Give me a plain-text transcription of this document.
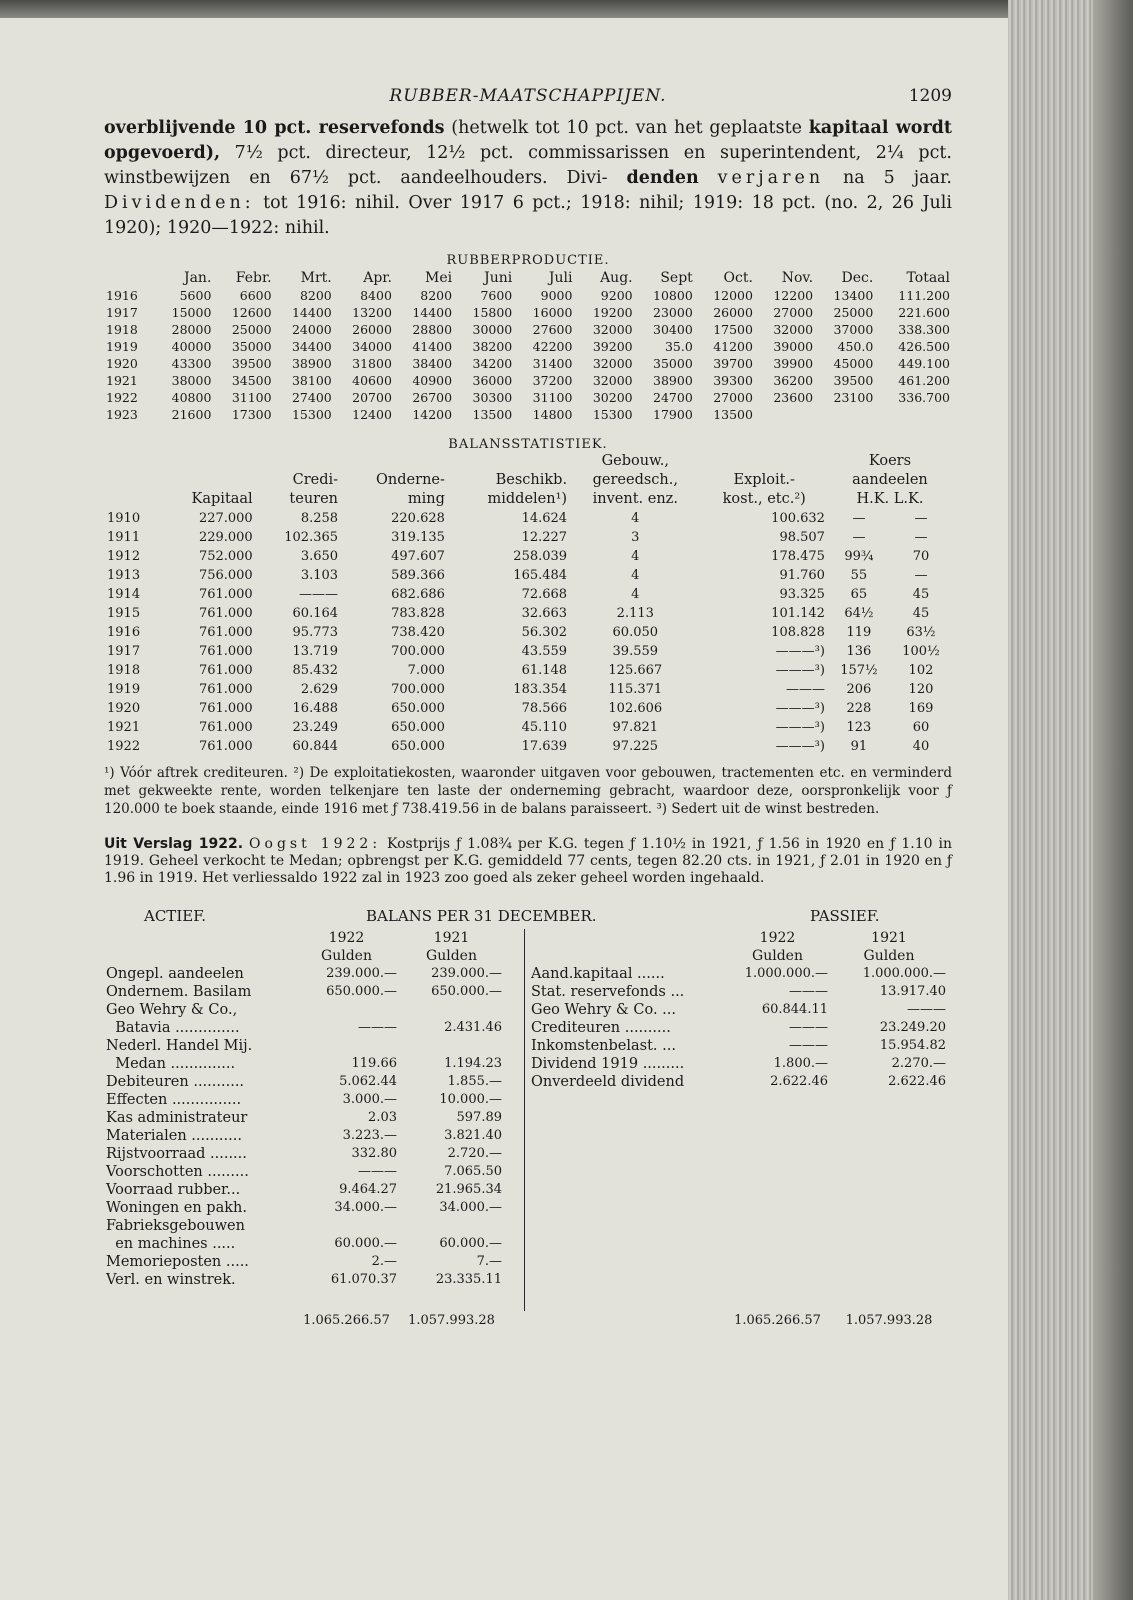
RUBBER-MAATSCHAPPIJEN.	1209
overblijvende 10 pct. reservefonds (hetwelk tot 10 pct. van het geplaatste kapitaal wordt opgevoerd), 7½ pct. directeur, 12½ pct. commissarissen en superintendent, 2¼ pct. winstbewijzen en 67½ pct. aandeelhouders. Divi- denden verjaren na 5 jaar. Dividenden: tot 1916: nihil. Over 1917 6 pct.; 1918: nihil; 1919: 18 pct. (no. 2, 26 Juli 1920); 1920—1922: nihil.
RUBBERPRODUCTIE.
	Jan.	Febr.	Mrt.	Apr.	Mei	Juni	Juli	Aug.	Sept	Oct.	Nov.	Dec.	Totaal
1916	5600	6600	8200	8400	8200	7600	9000	9200	10800	12000	12200	13400	111.200
1917	15000	12600	14400	13200	14400	15800	16000	19200	23000	26000	27000	25000	221.600
1918	28000	25000	24000	26000	28800	30000	27600	32000	30400	17500	32000	37000	338.300
1919	40000	35000	34400	34000	41400	38200	42200	39200	35.0	41200	39000	450.0	426.500
1920	43300	39500	38900	31800	38400	34200	31400	32000	35000	39700	39900	45000	449.100
1921	38000	34500	38100	40600	40900	36000	37200	32000	38900	39300	36200	39500	461.200
1922	40800	31100	27400	20700	26700	30300	31100	30200	24700	27000	23600	23100	336.700
1923	21600	17300	15300	12400	14200	13500	14800	15300	17900	13500			
BALANSSTATISTIEK.
					Gebouw.,		Koers	
		Credi-	Onderne-	Beschikb.	gereedsch.,	Exploit.-	aandeelen	
	Kapitaal	teuren	ming	middelen¹)	invent. enz.	kost., etc.²)	H.K. L.K.	
1910	227.000	8.258	220.628	14.624	4	100.632	—	—
1911	229.000	102.365	319.135	12.227	3	98.507	—	—
1912	752.000	3.650	497.607	258.039	4	178.475	99¾	70
1913	756.000	3.103	589.366	165.484	4	91.760	55	—
1914	761.000	———	682.686	72.668	4	93.325	65	45
1915	761.000	60.164	783.828	32.663	2.113	101.142	64½	45
1916	761.000	95.773	738.420	56.302	60.050	108.828	119	63½
1917	761.000	13.719	700.000	43.559	39.559	———³)	136	100½
1918	761.000	85.432	7.000	61.148	125.667	———³)	157½	102
1919	761.000	2.629	700.000	183.354	115.371	———	206	120
1920	761.000	16.488	650.000	78.566	102.606	———³)	228	169
1921	761.000	23.249	650.000	45.110	97.821	———³)	123	60
1922	761.000	60.844	650.000	17.639	97.225	———³)	91	40
¹) Vóór aftrek crediteuren. ²) De exploitatiekosten, waaronder uitgaven voor gebouwen, tractementen etc. en verminderd met gekweekte rente, worden telkenjare ten laste der onderneming gebracht, waardoor deze, oorspronkelijk voor ƒ 120.000 te boek staande, einde 1916 met ƒ 738.419.56 in de balans paraisseert. ³) Sedert uit de winst bestreden.
Uit Verslag 1922. Oogst 1922: Kostprijs ƒ 1.08¾ per K.G. tegen ƒ 1.10½ in 1921, ƒ 1.56 in 1920 en ƒ 1.10 in 1919. Geheel verkocht te Medan; opbrengst per K.G. gemiddeld 77 cents, tegen 82.20 cts. in 1921, ƒ 2.01 in 1920 en ƒ 1.96 in 1919. Het verliessaldo 1922 zal in 1923 zoo goed als zeker geheel worden ingehaald.
ACTIEF.	BALANS PER 31 DECEMBER.	PASSIEF.
	1922	1921
	Gulden	Gulden
Ongepl. aandeelen	239.000.—	239.000.—
Ondernem. Basilam	650.000.—	650.000.—
Geo Wehry & Co.,		
Batavia ..............	———	2.431.46
Nederl. Handel Mij.		
Medan ..............	119.66	1.194.23
Debiteuren ...........	5.062.44	1.855.—
Effecten ...............	3.000.—	10.000.—
Kas administrateur	2.03	597.89
Materialen ...........	3.223.—	3.821.40
Rijstvoorraad ........	332.80	2.720.—
Voorschotten .........	———	7.065.50
Voorraad rubber...	9.464.27	21.965.34
Woningen en pakh.	34.000.—	34.000.—
Fabrieksgebouwen		
en machines .....	60.000.—	60.000.—
Memorieposten .....	2.—	7.—
Verl. en winstrek.	61.070.37	23.335.11
	1922	1921
	Gulden	Gulden
Aand.kapitaal ......	1.000.000.—	1.000.000.—
Stat. reservefonds ...	———	13.917.40
Geo Wehry & Co. ...	60.844.11	———
Crediteuren ..........	———	23.249.20
Inkomstenbelast. ...	———	15.954.82
Dividend 1919 .........	1.800.—	2.270.—
Onverdeeld dividend	2.622.46	2.622.46
1.065.266.57 1.057.993.28	1.065.266.57 1.057.993.28
